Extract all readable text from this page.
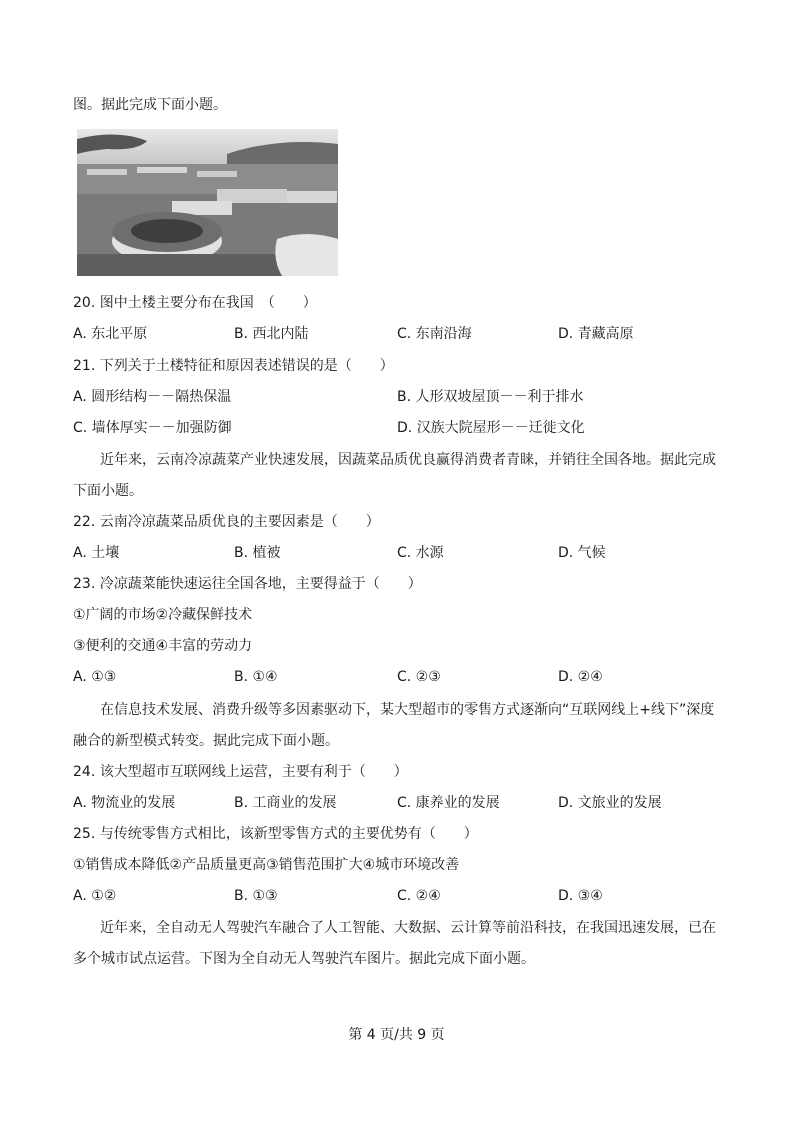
图。据此完成下面小题。
20. 图中土楼主要分布在我国　（　　）
A. 东北平原	B. 西北内陆	C. 东南沿海	D. 青藏高原
21. 下列关于土楼特征和原因表述错误的是（　　）
A. 圆形结构－－隔热保温	B. 人形双坡屋顶－－利于排水
C. 墙体厚实－－加强防御	D. 汉族大院屋形－－迁徙文化
近年来，云南冷凉蔬菜产业快速发展，因蔬菜品质优良赢得消费者青睐，并销往全国各地。据此完成
下面小题。
22. 云南冷凉蔬菜品质优良的主要因素是（　　）
A. 土壤	B. 植被	C. 水源	D. 气候
23. 冷凉蔬菜能快速运往全国各地，主要得益于（　　）
①广阔的市场②冷藏保鲜技术
③便利的交通④丰富的劳动力
A. ①③	B. ①④	C. ②③	D. ②④
在信息技术发展、消费升级等多因素驱动下，某大型超市的零售方式逐渐向“互联网线上+线下”深度
融合的新型模式转变。据此完成下面小题。
24. 该大型超市互联网线上运营，主要有利于（　　）
A. 物流业的发展	B. 工商业的发展	C. 康养业的发展	D. 文旅业的发展
25. 与传统零售方式相比，该新型零售方式的主要优势有（　　）
①销售成本降低②产品质量更高③销售范围扩大④城市环境改善
A. ①②	B. ①③	C. ②④	D. ③④
近年来，全自动无人驾驶汽车融合了人工智能、大数据、云计算等前沿科技，在我国迅速发展，已在
多个城市试点运营。下图为全自动无人驾驶汽车图片。据此完成下面小题。
第 4 页/共 9 页
